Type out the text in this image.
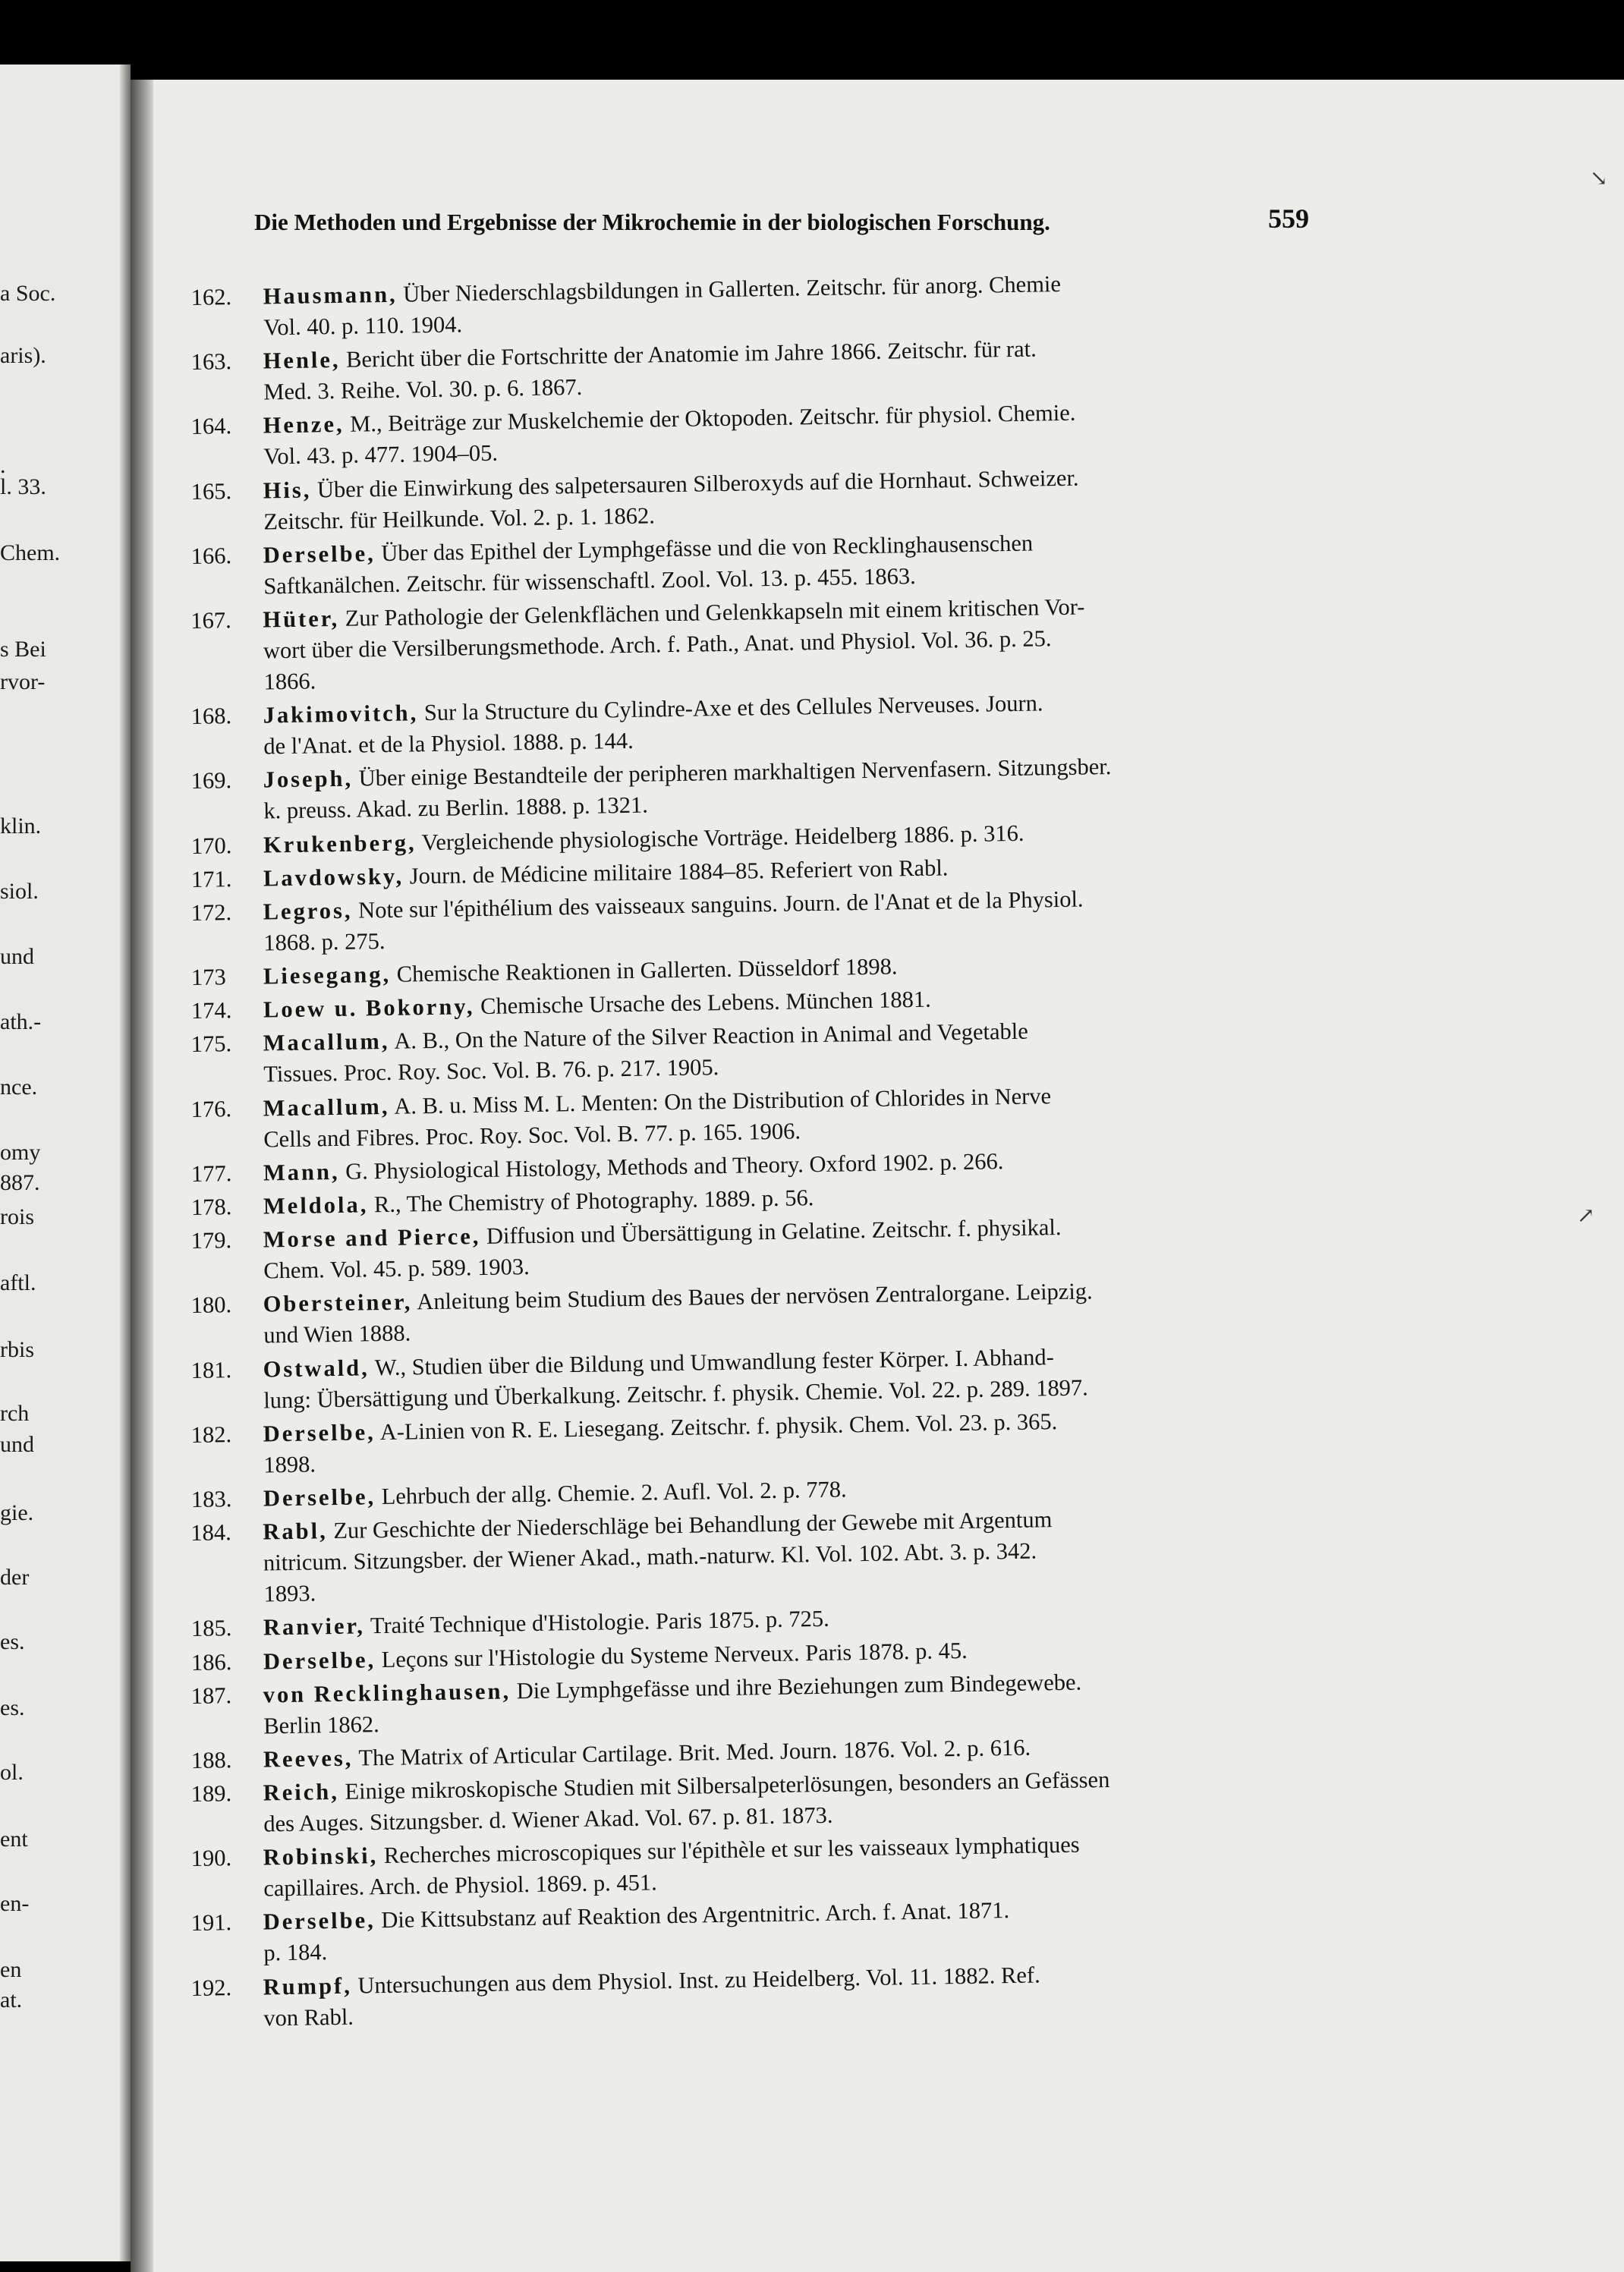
a Soc.
aris).
.
l. 33.
Chem.
s Bei
rvor-
klin.
siol.
und
ath.-
nce.
omy
887.
rois
aftl.
rbis
rch
und
gie.
der
es.
es.
ol.
ent
en-
en
at.
↘
↗
Die Methoden und Ergebnisse der Mikrochemie in der biologischen Forschung.	559
162. Hausmann, Über Niederschlagsbildungen in Gallerten. Zeitschr. für anorg. Chemie
Vol. 40. p. 110. 1904.
163. Henle, Bericht über die Fortschritte der Anatomie im Jahre 1866. Zeitschr. für rat.
Med. 3. Reihe. Vol. 30. p. 6. 1867.
164. Henze, M., Beiträge zur Muskelchemie der Oktopoden. Zeitschr. für physiol. Chemie.
Vol. 43. p. 477. 1904–05.
165. His, Über die Einwirkung des salpetersauren Silberoxyds auf die Hornhaut. Schweizer.
Zeitschr. für Heilkunde. Vol. 2. p. 1. 1862.
166. Derselbe, Über das Epithel der Lymphgefässe und die von Recklinghausenschen
Saftkanälchen. Zeitschr. für wissenschaftl. Zool. Vol. 13. p. 455. 1863.
167. Hüter, Zur Pathologie der Gelenkflächen und Gelenkkapseln mit einem kritischen Vor-
wort über die Versilberungsmethode. Arch. f. Path., Anat. und Physiol. Vol. 36. p. 25.
1866.
168. Jakimovitch, Sur la Structure du Cylindre-Axe et des Cellules Nerveuses. Journ.
de l'Anat. et de la Physiol. 1888. p. 144.
169. Joseph, Über einige Bestandteile der peripheren markhaltigen Nervenfasern. Sitzungsber.
k. preuss. Akad. zu Berlin. 1888. p. 1321.
170. Krukenberg, Vergleichende physiologische Vorträge. Heidelberg 1886. p. 316.
171. Lavdowsky, Journ. de Médicine militaire 1884–85. Referiert von Rabl.
172. Legros, Note sur l'épithélium des vaisseaux sanguins. Journ. de l'Anat et de la Physiol.
1868. p. 275.
173 Liesegang, Chemische Reaktionen in Gallerten. Düsseldorf 1898.
174. Loew u. Bokorny, Chemische Ursache des Lebens. München 1881.
175. Macallum, A. B., On the Nature of the Silver Reaction in Animal and Vegetable
Tissues. Proc. Roy. Soc. Vol. B. 76. p. 217. 1905.
176. Macallum, A. B. u. Miss M. L. Menten: On the Distribution of Chlorides in Nerve
Cells and Fibres. Proc. Roy. Soc. Vol. B. 77. p. 165. 1906.
177. Mann, G. Physiological Histology, Methods and Theory. Oxford 1902. p. 266.
178. Meldola, R., The Chemistry of Photography. 1889. p. 56.
179. Morse and Pierce, Diffusion und Übersättigung in Gelatine. Zeitschr. f. physikal.
Chem. Vol. 45. p. 589. 1903.
180. Obersteiner, Anleitung beim Studium des Baues der nervösen Zentralorgane. Leipzig.
und Wien 1888.
181. Ostwald, W., Studien über die Bildung und Umwandlung fester Körper. I. Abhand-
lung: Übersättigung und Überkalkung. Zeitschr. f. physik. Chemie. Vol. 22. p. 289. 1897.
182. Derselbe, A-Linien von R. E. Liesegang. Zeitschr. f. physik. Chem. Vol. 23. p. 365.
1898.
183. Derselbe, Lehrbuch der allg. Chemie. 2. Aufl. Vol. 2. p. 778.
184. Rabl, Zur Geschichte der Niederschläge bei Behandlung der Gewebe mit Argentum
nitricum. Sitzungsber. der Wiener Akad., math.-naturw. Kl. Vol. 102. Abt. 3. p. 342.
1893.
185. Ranvier, Traité Technique d'Histologie. Paris 1875. p. 725.
186. Derselbe, Leçons sur l'Histologie du Systeme Nerveux. Paris 1878. p. 45.
187. von Recklinghausen, Die Lymphgefässe und ihre Beziehungen zum Bindegewebe.
Berlin 1862.
188. Reeves, The Matrix of Articular Cartilage. Brit. Med. Journ. 1876. Vol. 2. p. 616.
189. Reich, Einige mikroskopische Studien mit Silbersalpeterlösungen, besonders an Gefässen
des Auges. Sitzungsber. d. Wiener Akad. Vol. 67. p. 81. 1873.
190. Robinski, Recherches microscopiques sur l'épithèle et sur les vaisseaux lymphatiques
capillaires. Arch. de Physiol. 1869. p. 451.
191. Derselbe, Die Kittsubstanz auf Reaktion des Argentnitric. Arch. f. Anat. 1871.
p. 184.
192. Rumpf, Untersuchungen aus dem Physiol. Inst. zu Heidelberg. Vol. 11. 1882. Ref.
von Rabl.
